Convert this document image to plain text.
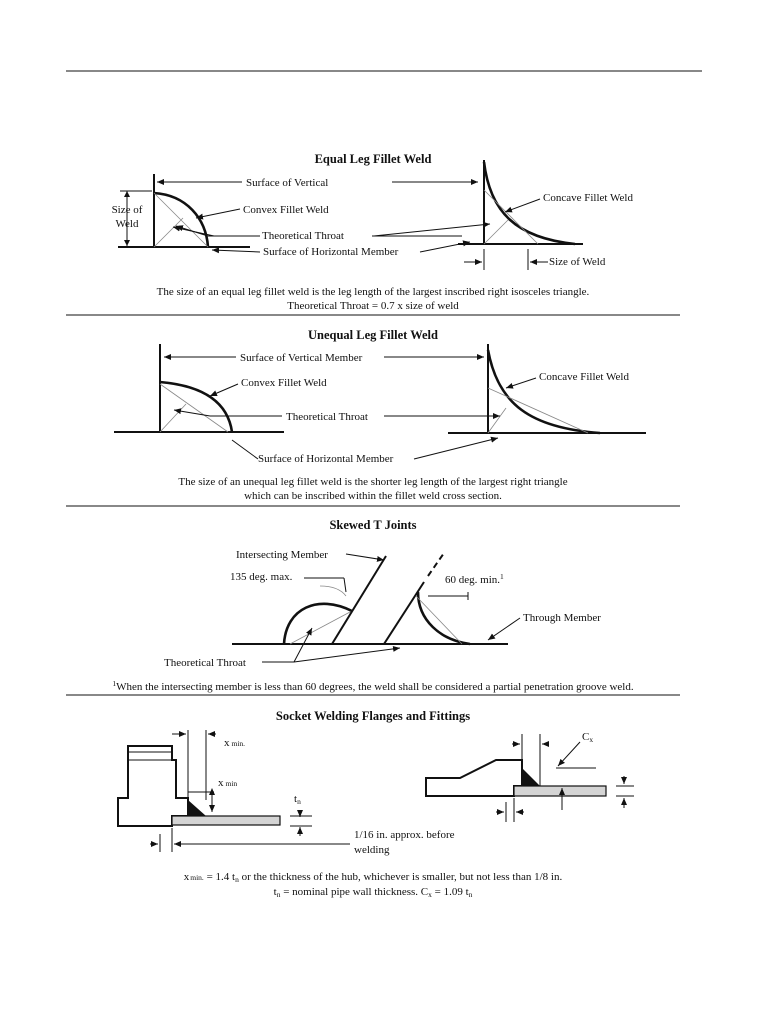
Equal Leg Fillet Weld
Size of
Weld
Surface of Vertical
Convex Fillet Weld
Theoretical Throat
Surface of Horizontal Member
Concave Fillet Weld
Size of Weld
The size of an equal leg fillet weld is the leg length of the largest inscribed right isosceles triangle.
Theoretical Throat = 0.7 x size of weld
Unequal Leg Fillet Weld
Surface of Vertical Member
Convex Fillet Weld
Theoretical Throat
Surface of Horizontal Member
Concave Fillet Weld
The size of an unequal leg fillet weld is the shorter leg length of the largest right triangle
which can be inscribed within the fillet weld cross section.
Skewed T Joints
Intersecting Member
135 deg. max.	60 deg. min.$^1$
Through Member
Theoretical Throat
$^1$When the intersecting member is less than 60 degrees, the weld shall be considered a partial penetration groove weld.
Socket Welding Flanges and Fittings
x min.
x min
tn
1/16 in. approx. before
welding
Cx
xmin. = 1.4 tn or the thickness of the hub, whichever is smaller, but not less than 1/8 in.
tn = nominal pipe wall thickness. Cx = 1.09 tn
